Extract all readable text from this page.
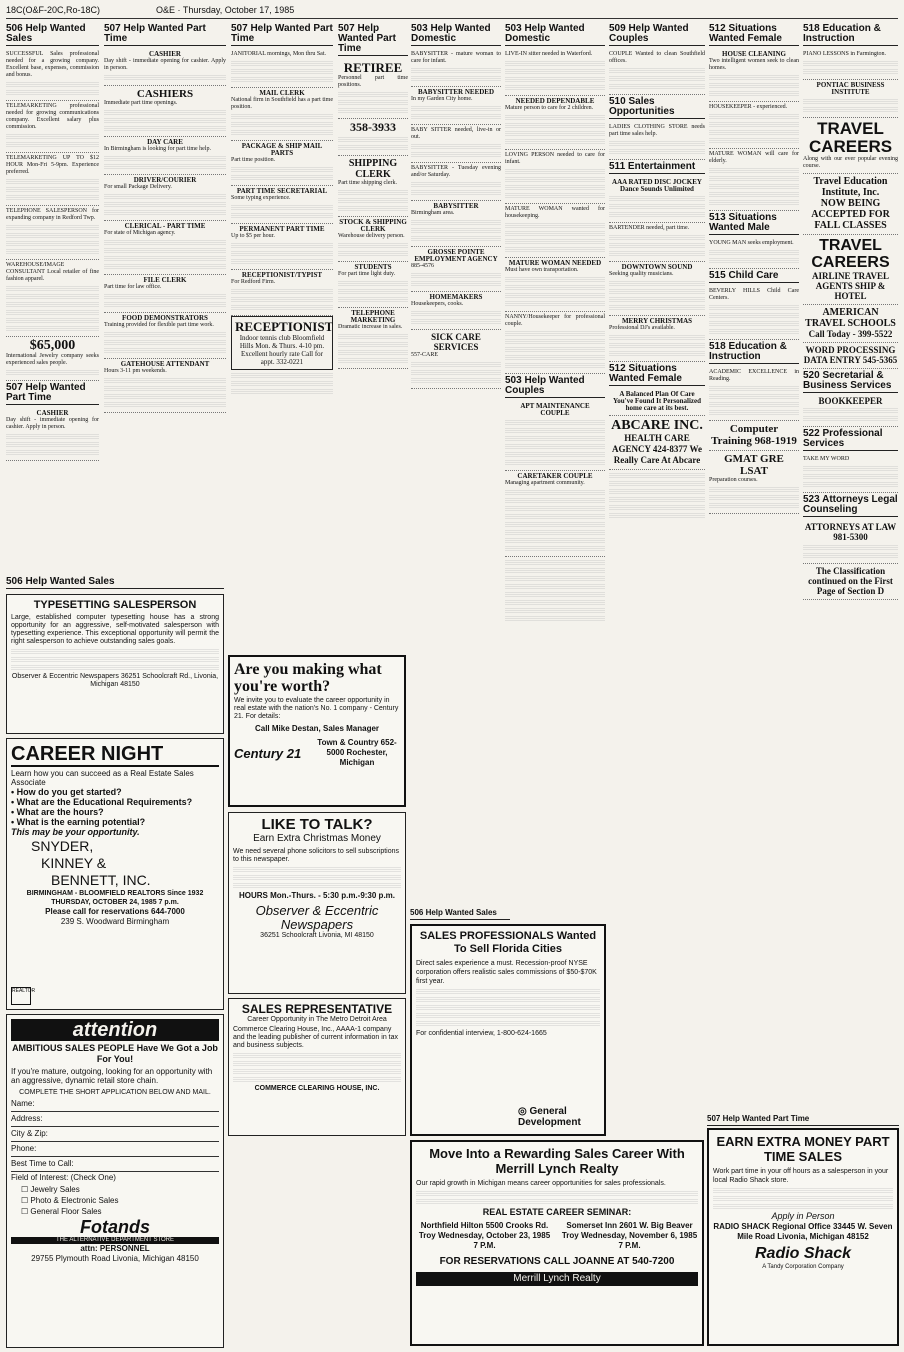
18C(O&F-20C,Ro-18C)	O&E · Thursday, October 17, 1985
506 Help Wanted Sales
SUCCESSFUL Sales professional needed for a growing company. Excellent base, expenses, commission and bonus.
TELEMARKETING professional needed for growing communications company. Excellent salary plus commission.
TELEMARKETING UP TO $12 HOUR Mon-Fri 5-9pm. Experience preferred.
TELEPHONE SALESPERSON for expanding company in Redford Twp.
WAREHOUSE/IMAGE CONSULTANT Local retailer of fine fashion apparel.
$65,000
International Jewelry company seeks experienced sales people.
507 Help Wanted Part Time
CASHIER
Day shift - immediate opening for cashier. Apply in person.
507 Help Wanted Part Time
CASHIER
Day shift - immediate opening for cashier. Apply in person.
CASHIERS
Immediate part time openings.
DAY CARE
In Birmingham is looking for part time help.
DRIVER/COURIER
For small Package Delivery.
CLERICAL - PART TIME
For state of Michigan agency.
FILE CLERK
Part time for law office.
FOOD DEMONSTRATORS
Training provided for flexible part time work.
GATEHOUSE ATTENDANT
Hours 3-11 pm weekends.
507 Help Wanted Part Time
JANITORIAL mornings, Mon thru Sat.
MAIL CLERK
National firm in Southfield has a part time position.
PACKAGE & SHIP MAIL PARTS
Part time position.
PART TIME SECRETARIAL
Some typing experience.
PERMANENT PART TIME
Up to $5 per hour.
RECEPTIONIST/TYPIST
For Redford Firm.
RECEPTIONIST
Indoor tennis club Bloomfield Hills Mon. & Thurs. 4-10 pm. Excellent hourly rate Call for appt. 332-0221
507 Help Wanted Part Time
RETIREE
Personnel part time positions.
358-3933
SHIPPING CLERK
Part time shipping clerk.
STOCK & SHIPPING CLERK
Warehouse delivery person.
STUDENTS
For part time light duty.
TELEPHONE MARKETING
Dramatic increase in sales.
503 Help Wanted Domestic
BABYSITTER - mature woman to care for infant.
BABYSITTER NEEDED
In my Garden City home.
BABY SITTER needed, live-in or out.
BABYSITTER - Tuesday evening and/or Saturday.
BABYSITTER
Birmingham area.
GROSSE POINTE EMPLOYMENT AGENCY
885-4576
HOMEMAKERS
Housekeepers, cooks.
SICK CARE SERVICES
557-CARE
503 Help Wanted Domestic
LIVE-IN sitter needed in Waterford.
NEEDED DEPENDABLE
Mature person to care for 2 children.
LOVING PERSON needed to care for infant.
MATURE WOMAN wanted for housekeeping.
MATURE WOMAN NEEDED
Must have own transportation.
NANNY/Housekeeper for professional couple.
503 Help Wanted Couples
APT MAINTENANCE COUPLE
CARETAKER COUPLE
Managing apartment community.
509 Help Wanted Couples
COUPLE Wanted to clean Southfield offices.
510 Sales Opportunities
LADIES CLOTHING STORE needs part time sales help.
511 Entertainment
AAA RATED DISC JOCKEY Dance Sounds Unlimited
BARTENDER needed, part time.
DOWNTOWN SOUND
Seeking quality musicians.
MERRY CHRISTMAS
Professional DJ's available.
512 Situations Wanted Female
A Balanced Plan Of Care You've Found It Personalized home care at its best.
ABCARE INC.
HEALTH CARE AGENCY 424-8377 We Really Care At Abcare
512 Situations Wanted Female
HOUSE CLEANING
Two intelligent women seek to clean homes.
HOUSEKEEPER - experienced.
MATURE WOMAN will care for elderly.
513 Situations Wanted Male
YOUNG MAN seeks employment.
515 Child Care
BEVERLY HILLS Child Care Centers.
518 Education & Instruction
ACADEMIC EXCELLENCE in Reading.
Computer Training 968-1919
GMAT GRE LSAT
Preparation courses.
518 Education & Instruction
PIANO LESSONS in Farmington.
PONTIAC BUSINESS INSTITUTE
TRAVEL CAREERS
Along with our ever popular evening course.
Travel Education Institute, Inc.
NOW BEING ACCEPTED FOR FALL CLASSES
TRAVEL CAREERS
AIRLINE TRAVEL AGENTS SHIP & HOTEL
AMERICAN TRAVEL SCHOOLS
Call Today - 399-5522
WORD PROCESSING
DATA ENTRY 545-5365
520 Secretarial & Business Services
BOOKKEEPER
522 Professional Services
TAKE MY WORD
523 Attorneys Legal Counseling
ATTORNEYS AT LAW 981-5300
The Classification continued on the First Page of Section D
506 Help Wanted Sales
TYPESETTING SALESPERSON
Large, established computer typesetting house has a strong opportunity for an aggressive, self-motivated salesperson with typesetting experience. This exceptional opportunity will permit the right salesperson to achieve outstanding sales goals.
Observer & Eccentric Newspapers 36251 Schoolcraft Rd., Livonia, Michigan 48150
CAREER NIGHT
Learn how you can succeed as a Real Estate Sales Associate
• How do you get started?
• What are the Educational Requirements?
• What are the hours?
• What is the earning potential?
This may be your opportunity.
SNYDER,
KINNEY &
BENNETT, INC.
BIRMINGHAM - BLOOMFIELD REALTORS Since 1932
THURSDAY, OCTOBER 24, 1985 7 p.m.
Please call for reservations 644-7000
239 S. Woodward Birmingham
REALTOR
attention
AMBITIOUS SALES PEOPLE Have We Got a Job For You!
If you're mature, outgoing, looking for an opportunity with an aggressive, dynamic retail store chain.
COMPLETE THE SHORT APPLICATION BELOW AND MAIL.
Name:
Address:
City & Zip:
Phone:
Best Time to Call:
Field of Interest: (Check One)
☐ Jewelry Sales
☐ Photo & Electronic Sales
☐ General Floor Sales
Fotands
THE ALTERNATIVE DEPARTMENT STORE
attn: PERSONNEL
29755 Plymouth Road Livonia, Michigan 48150
Are you making what you're worth?
We invite you to evaluate the career opportunity in real estate with the nation's No. 1 company - Century 21. For details:
Call Mike Destan, Sales Manager
Century 21
Town & Country 652-5000 Rochester, Michigan
LIKE TO TALK?
Earn Extra Christmas Money
We need several phone solicitors to sell subscriptions to this newspaper.
HOURS Mon.-Thurs. - 5:30 p.m.-9:30 p.m.
Observer & Eccentric Newspapers
36251 Schoolcraft Livonia, MI 48150
SALES REPRESENTATIVE
Career Opportunity in The Metro Detroit Area
Commerce Clearing House, Inc., AAAA-1 company and the leading publisher of current information in tax and business subjects.
COMMERCE CLEARING HOUSE, INC.
506 Help Wanted Sales
SALES PROFESSIONALS Wanted To Sell Florida Cities
Direct sales experience a must. Recession-proof NYSE corporation offers realistic sales commissions of $50-$70K first year.
For confidential interview, 1-800-624-1665
◎ General Development
Move Into a Rewarding Sales Career With Merrill Lynch Realty
Our rapid growth in Michigan means career opportunities for sales professionals.
REAL ESTATE CAREER SEMINAR:
Northfield Hilton 5500 Crooks Rd. Troy Wednesday, October 23, 1985 7 P.M.
Somerset Inn 2601 W. Big Beaver Troy Wednesday, November 6, 1985 7 P.M.
FOR RESERVATIONS CALL JOANNE AT 540-7200
Merrill Lynch Realty
507 Help Wanted Part Time
EARN EXTRA MONEY PART TIME SALES
Work part time in your off hours as a salesperson in your local Radio Shack store.
Apply in Person
RADIO SHACK Regional Office 33445 W. Seven Mile Road Livonia, Michigan 48152
Radio Shack
A Tandy Corporation Company
